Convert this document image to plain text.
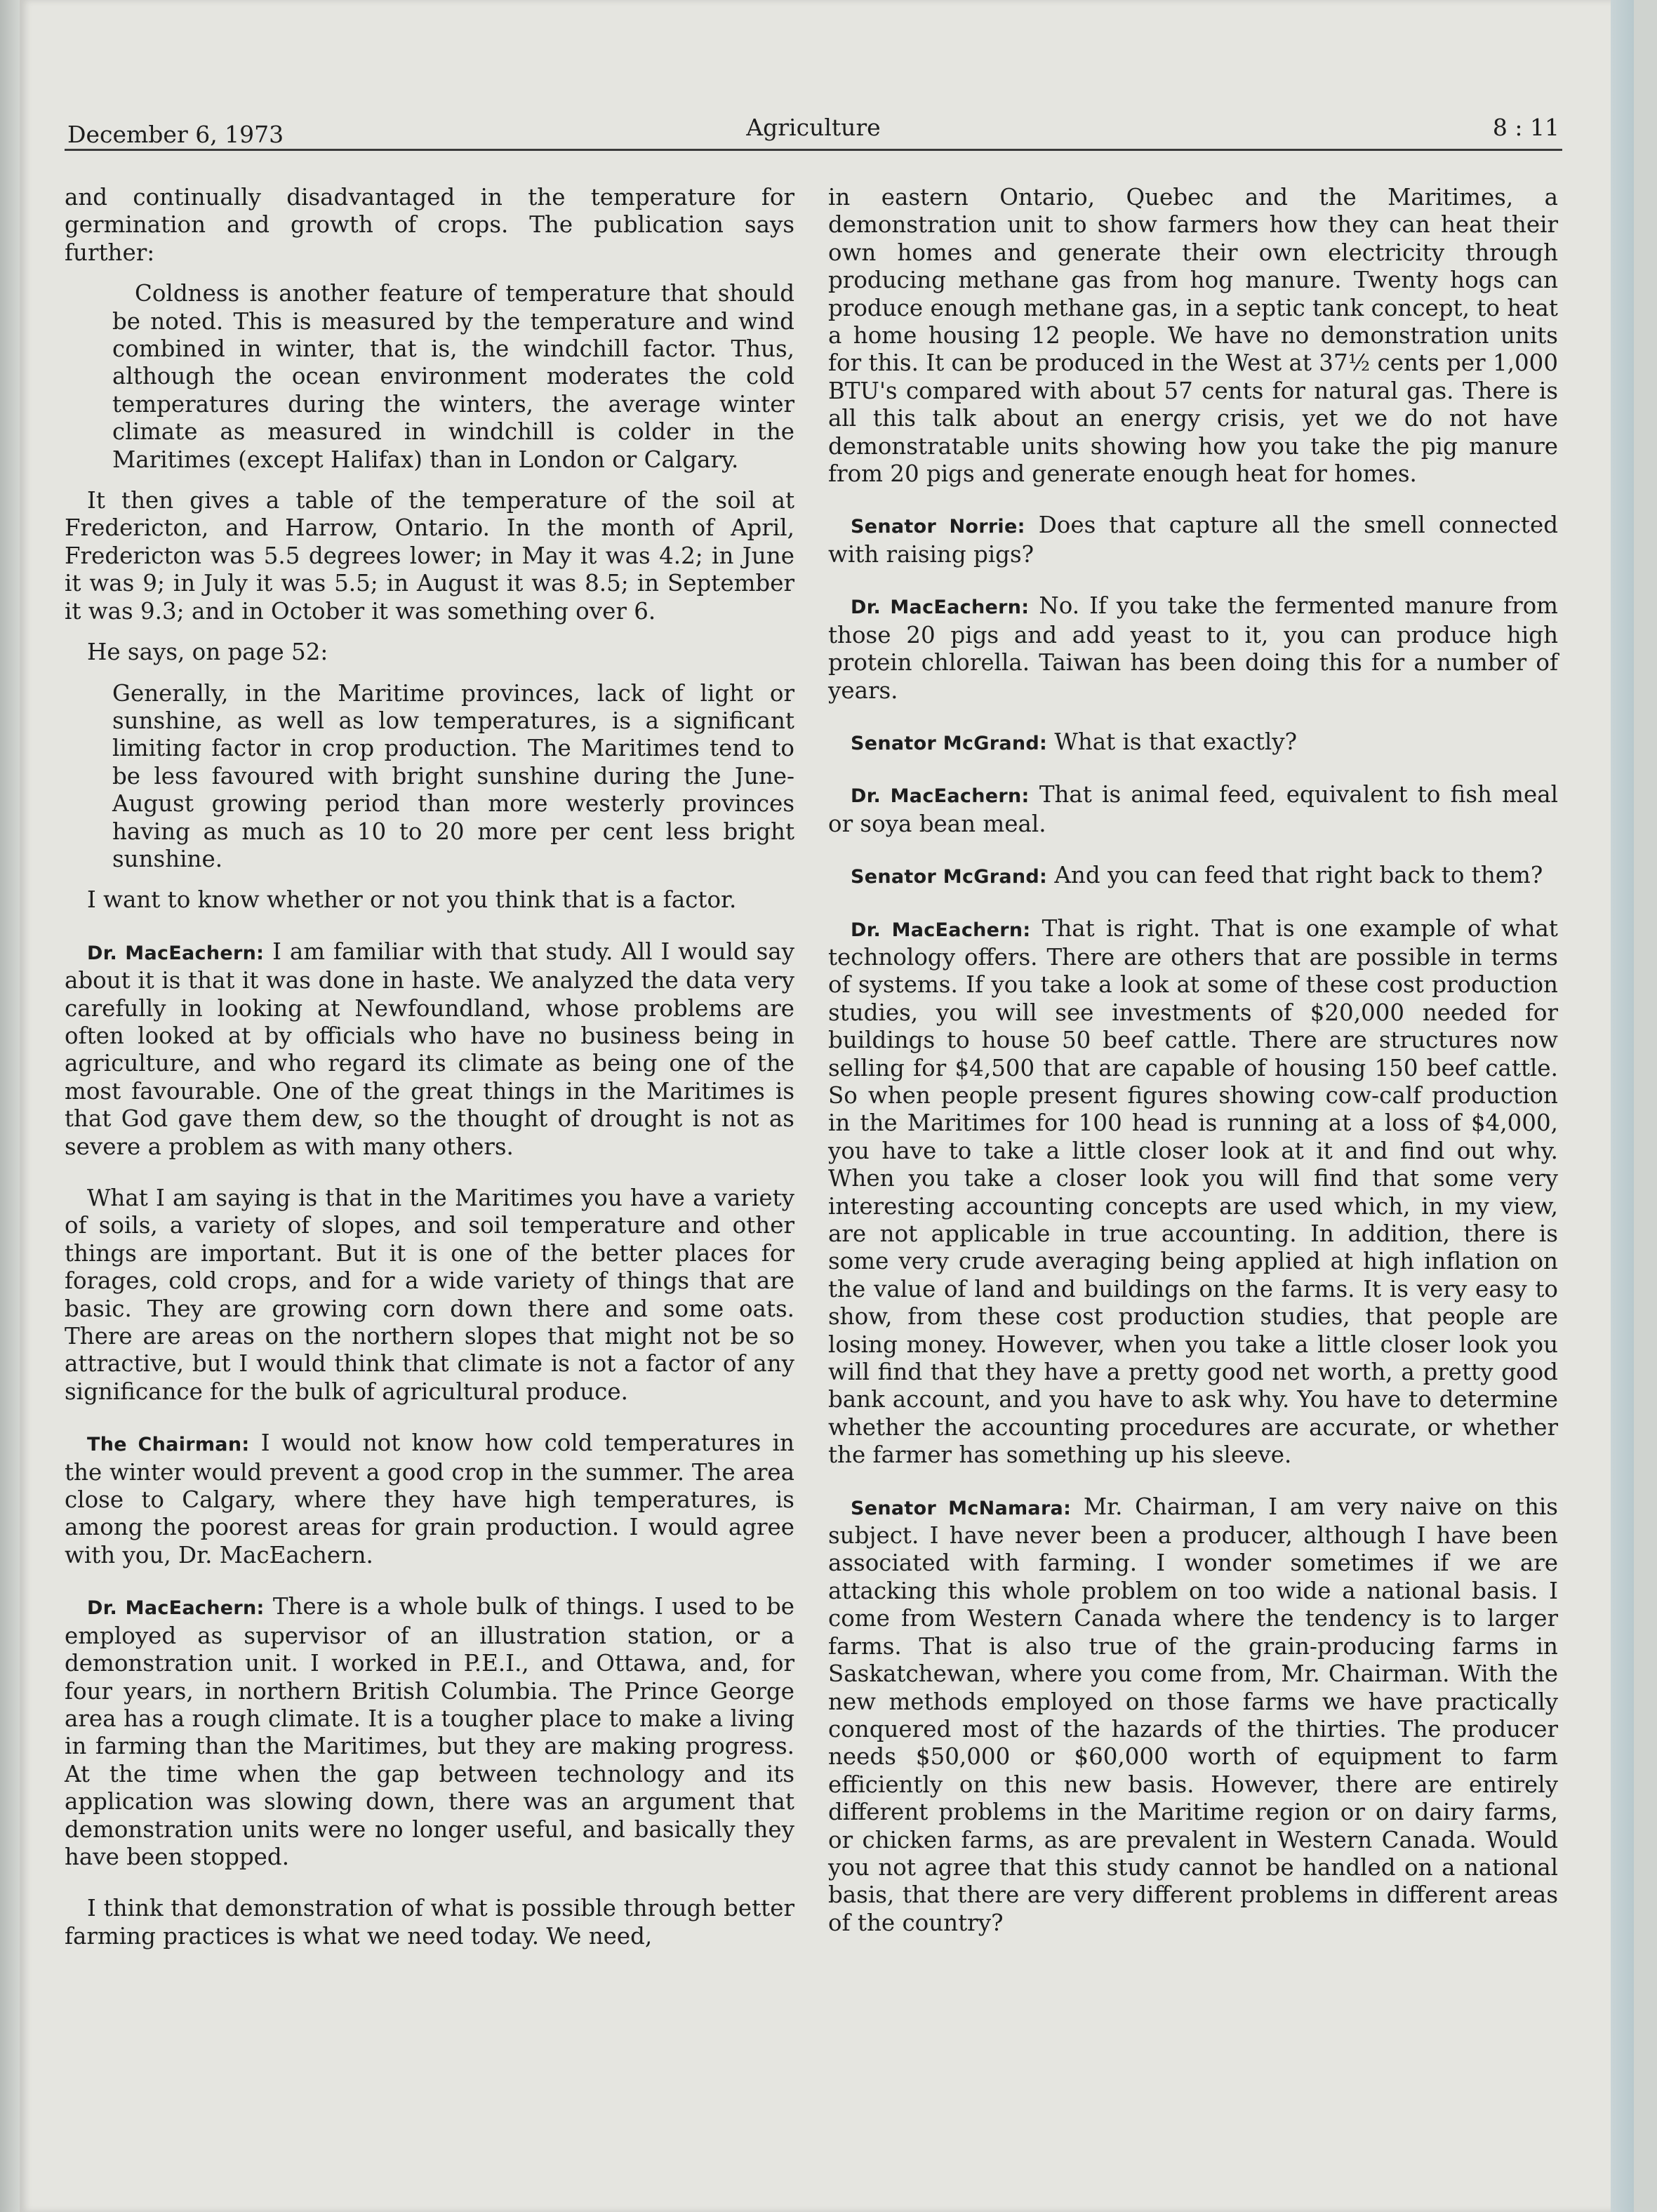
December 6, 1973	Agriculture	8 : 11

and continually disadvantaged in the temperature for germination and growth of crops. The publication says further:

Coldness is another feature of temperature that should be noted. This is measured by the temperature and wind combined in winter, that is, the windchill factor. Thus, although the ocean environment moderates the cold temperatures during the winters, the average winter climate as measured in windchill is colder in the Maritimes (except Halifax) than in London or Calgary.

It then gives a table of the temperature of the soil at Fredericton, and Harrow, Ontario. In the month of April, Fredericton was 5.5 degrees lower; in May it was 4.2; in June it was 9; in July it was 5.5; in August it was 8.5; in September it was 9.3; and in October it was something over 6.

He says, on page 52:

Generally, in the Maritime provinces, lack of light or sunshine, as well as low temperatures, is a significant limiting factor in crop production. The Maritimes tend to be less favoured with bright sunshine during the June-August growing period than more westerly provinces having as much as 10 to 20 more per cent less bright sunshine.

I want to know whether or not you think that is a factor.

Dr. MacEachern: I am familiar with that study. All I would say about it is that it was done in haste. We analyzed the data very carefully in looking at Newfoundland, whose problems are often looked at by officials who have no business being in agriculture, and who regard its climate as being one of the most favourable. One of the great things in the Maritimes is that God gave them dew, so the thought of drought is not as severe a problem as with many others.

What I am saying is that in the Maritimes you have a variety of soils, a variety of slopes, and soil temperature and other things are important. But it is one of the better places for forages, cold crops, and for a wide variety of things that are basic. They are growing corn down there and some oats. There are areas on the northern slopes that might not be so attractive, but I would think that climate is not a factor of any significance for the bulk of agricultural produce.

The Chairman: I would not know how cold temperatures in the winter would prevent a good crop in the summer. The area close to Calgary, where they have high temperatures, is among the poorest areas for grain production. I would agree with you, Dr. MacEachern.

Dr. MacEachern: There is a whole bulk of things. I used to be employed as supervisor of an illustration station, or a demonstration unit. I worked in P.E.I., and Ottawa, and, for four years, in northern British Columbia. The Prince George area has a rough climate. It is a tougher place to make a living in farming than the Maritimes, but they are making progress. At the time when the gap between technology and its application was slowing down, there was an argument that demonstration units were no longer useful, and basically they have been stopped.

I think that demonstration of what is possible through better farming practices is what we need today. We need,

in eastern Ontario, Quebec and the Maritimes, a demonstration unit to show farmers how they can heat their own homes and generate their own electricity through producing methane gas from hog manure. Twenty hogs can produce enough methane gas, in a septic tank concept, to heat a home housing 12 people. We have no demonstration units for this. It can be produced in the West at 37½ cents per 1,000 BTU's compared with about 57 cents for natural gas. There is all this talk about an energy crisis, yet we do not have demonstratable units showing how you take the pig manure from 20 pigs and generate enough heat for homes.

Senator Norrie: Does that capture all the smell connected with raising pigs?

Dr. MacEachern: No. If you take the fermented manure from those 20 pigs and add yeast to it, you can produce high protein chlorella. Taiwan has been doing this for a number of years.

Senator McGrand: What is that exactly?

Dr. MacEachern: That is animal feed, equivalent to fish meal or soya bean meal.

Senator McGrand: And you can feed that right back to them?

Dr. MacEachern: That is right. That is one example of what technology offers. There are others that are possible in terms of systems. If you take a look at some of these cost production studies, you will see investments of $20,000 needed for buildings to house 50 beef cattle. There are structures now selling for $4,500 that are capable of housing 150 beef cattle. So when people present figures showing cow-calf production in the Maritimes for 100 head is running at a loss of $4,000, you have to take a little closer look at it and find out why. When you take a closer look you will find that some very interesting accounting concepts are used which, in my view, are not applicable in true accounting. In addition, there is some very crude averaging being applied at high inflation on the value of land and buildings on the farms. It is very easy to show, from these cost production studies, that people are losing money. However, when you take a little closer look you will find that they have a pretty good net worth, a pretty good bank account, and you have to ask why. You have to determine whether the accounting procedures are accurate, or whether the farmer has something up his sleeve.

Senator McNamara: Mr. Chairman, I am very naive on this subject. I have never been a producer, although I have been associated with farming. I wonder sometimes if we are attacking this whole problem on too wide a national basis. I come from Western Canada where the tendency is to larger farms. That is also true of the grain-producing farms in Saskatchewan, where you come from, Mr. Chairman. With the new methods employed on those farms we have practically conquered most of the hazards of the thirties. The producer needs $50,000 or $60,000 worth of equipment to farm efficiently on this new basis. However, there are entirely different problems in the Maritime region or on dairy farms, or chicken farms, as are prevalent in Western Canada. Would you not agree that this study cannot be handled on a national basis, that there are very different problems in different areas of the country?
